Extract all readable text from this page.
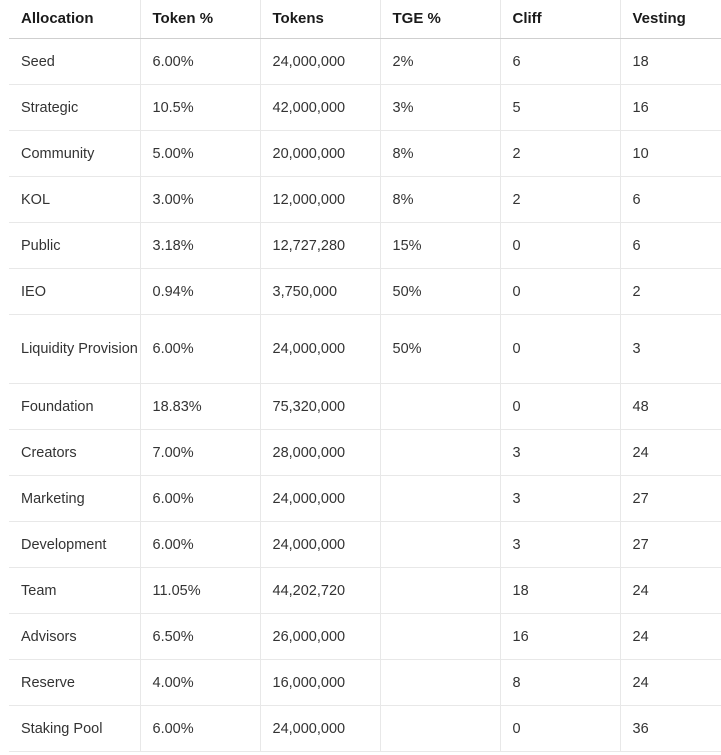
Allocation	Token %	Tokens	TGE %	Cliff	Vesting
Seed	6.00%	24,000,000	2%	6	18
Strategic	10.5%	42,000,000	3%	5	16
Community	5.00%	20,000,000	8%	2	10
KOL	3.00%	12,000,000	8%	2	6
Public	3.18%	12,727,280	15%	0	6
IEO	0.94%	3,750,000	50%	0	2
Liquidity Provision	6.00%	24,000,000	50%	0	3
Foundation	18.83%	75,320,000		0	48
Creators	7.00%	28,000,000		3	24
Marketing	6.00%	24,000,000		3	27
Development	6.00%	24,000,000		3	27
Team	11.05%	44,202,720		18	24
Advisors	6.50%	26,000,000		16	24
Reserve	4.00%	16,000,000		8	24
Staking Pool	6.00%	24,000,000		0	36
